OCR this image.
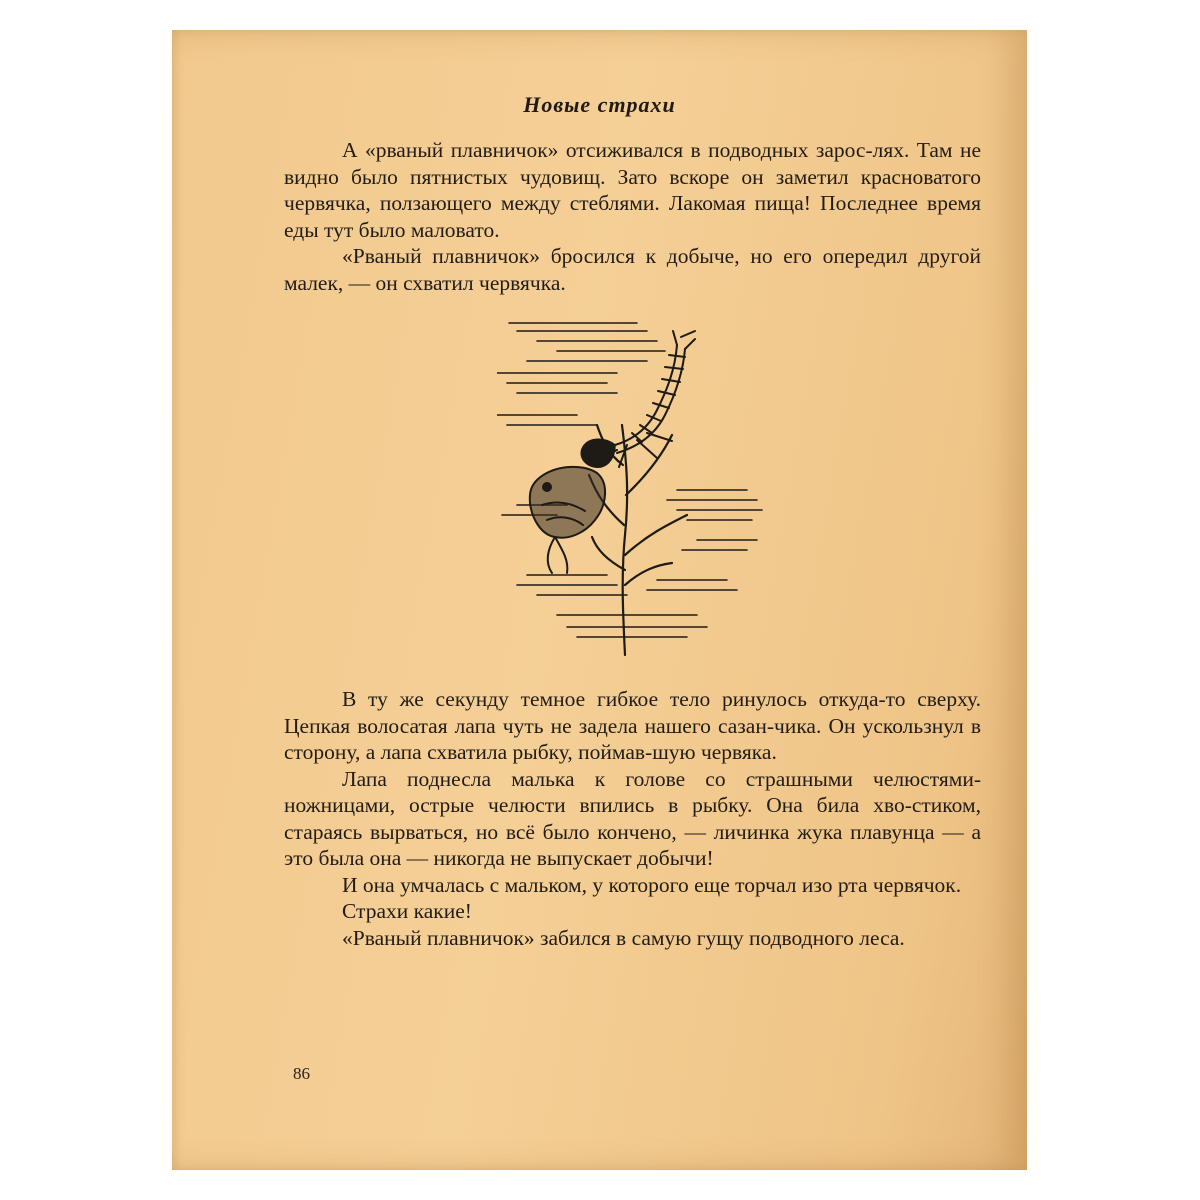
Новые страхи

А «рваный плавничок» отсиживался в подводных зарос-лях. Там не видно было пятнистых чудовищ. Зато вскоре он заметил красноватого червячка, ползающего между стеблями. Лакомая пища! Последнее время еды тут было маловато.

«Рваный плавничок» бросился к добыче, но его опередил другой малек, — он схватил червячка.

В ту же секунду темное гибкое тело ринулось откуда-то сверху. Цепкая волосатая лапа чуть не задела нашего сазан-чика. Он ускользнул в сторону, а лапа схватила рыбку, поймав-шую червяка.

Лапа поднесла малька к голове со страшными челюстями-ножницами, острые челюсти впились в рыбку. Она била хво-стиком, стараясь вырваться, но всё было кончено, — личинка жука плавунца — а это была она — никогда не выпускает добычи!

И она умчалась с мальком, у которого еще торчал изо рта червячок.

Страхи какие!

«Рваный плавничок» забился в самую гущу подводного леса.

86
